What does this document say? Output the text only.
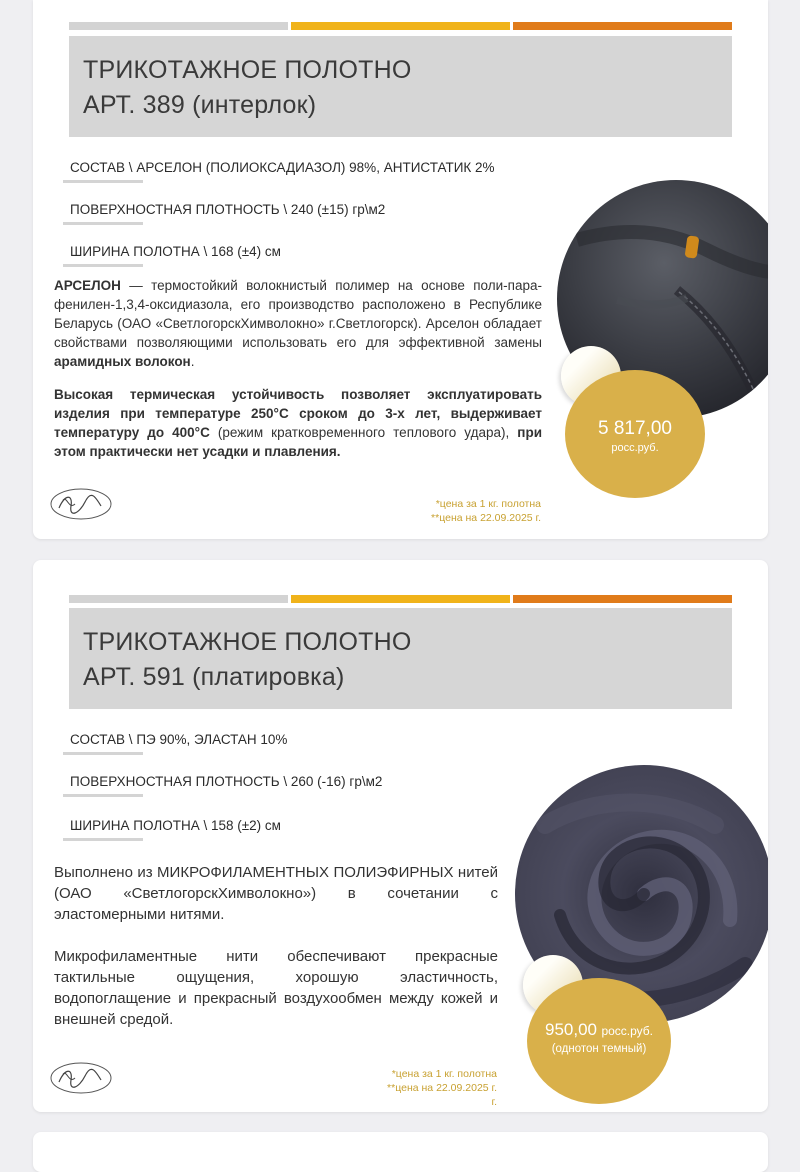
ТРИКОТАЖНОЕ ПОЛОТНО
АРТ. 389 (интерлок)
СОСТАВ \ АРСЕЛОН (ПОЛИОКСАДИАЗОЛ) 98%, АНТИСТАТИК 2%
ПОВЕРХНОСТНАЯ ПЛОТНОСТЬ \ 240 (±15) гр\м2
ШИРИНА ПОЛОТНА \ 168 (±4) см

АРСЕЛОН — термостойкий волокнистый полимер на основе поли-пара-фенилен-1,3,4-оксидиазола, его производство расположено в Республике Беларусь (ОАО «СветлогорскХимволокно» г.Светлогорск). Арселон обладает свойствами позволяющими использовать его для эффективной замены арамидных волокон.

Высокая термическая устойчивость позволяет эксплуатировать изделия при температуре 250°С сроком до 3-х лет, выдерживает температуру до 400°С (режим кратковременного теплового удара), при этом практически нет усадки и плавления.

5 817,00
росс.руб.
*цена за 1 кг. полотна
**цена на 22.09.2025 г.
ТРИКОТАЖНОЕ ПОЛОТНО
АРТ. 591 (платировка)
СОСТАВ \ ПЭ 90%, ЭЛАСТАН 10%
ПОВЕРХНОСТНАЯ ПЛОТНОСТЬ \ 260 (-16) гр\м2
ШИРИНА ПОЛОТНА \ 158 (±2) см

Выполнено из МИКРОФИЛАМЕНТНЫХ ПОЛИЭФИРНЫХ нитей (ОАО «СветлогорскХимволокно») в сочетании с эластомерными нитями.

Микрофиламентные нити обеспечивают прекрасные тактильные ощущения, хорошую эластичность, водопоглащение и прекрасный воздухообмен между кожей и внешней средой.

950,00 росс.руб.
(однотон темный)
*цена за 1 кг. полотна
**цена на 22.09.2025 г.
г.
